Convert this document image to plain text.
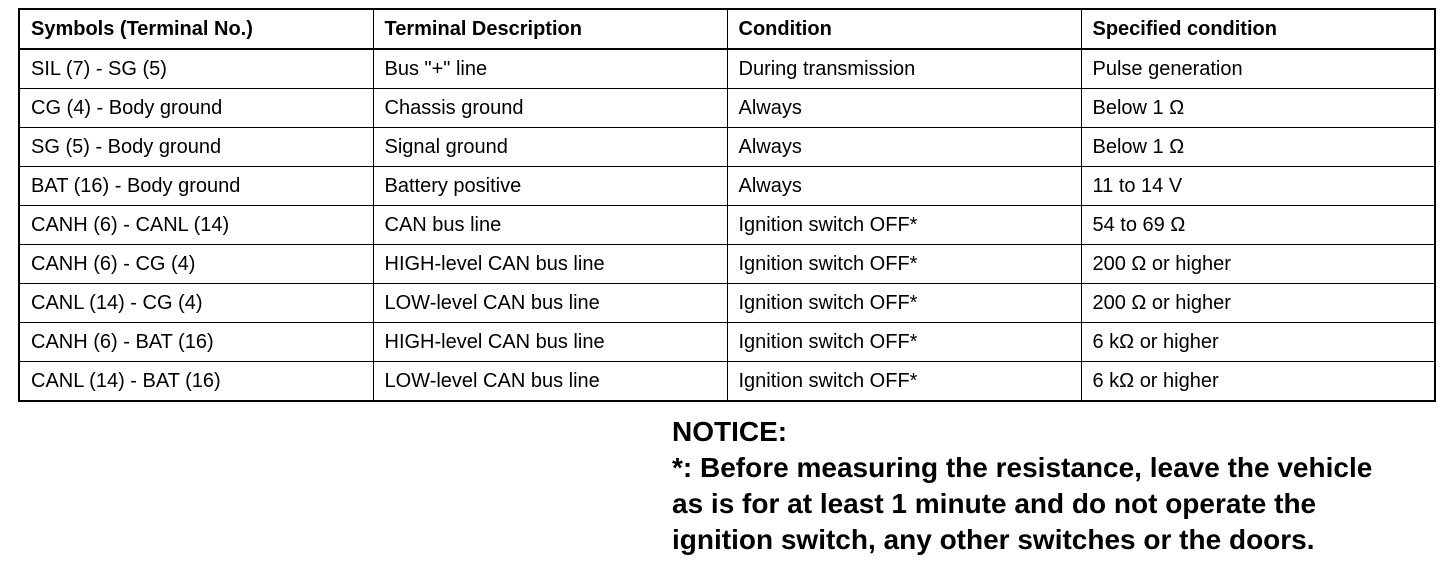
Symbols (Terminal No.)	Terminal Description	Condition	Specified condition
SIL (7) - SG (5)	Bus "+" line	During transmission	Pulse generation
CG (4) - Body ground	Chassis ground	Always	Below 1 Ω
SG (5) - Body ground	Signal ground	Always	Below 1 Ω
BAT (16) - Body ground	Battery positive	Always	11 to 14 V
CANH (6) - CANL (14)	CAN bus line	Ignition switch OFF*	54 to 69 Ω
CANH (6) - CG (4)	HIGH-level CAN bus line	Ignition switch OFF*	200 Ω or higher
CANL (14) - CG (4)	LOW-level CAN bus line	Ignition switch OFF*	200 Ω or higher
CANH (6) - BAT (16)	HIGH-level CAN bus line	Ignition switch OFF*	6 kΩ or higher
CANL (14) - BAT (16)	LOW-level CAN bus line	Ignition switch OFF*	6 kΩ or higher
NOTICE:
*: Before measuring the resistance, leave the vehicle
as is for at least 1 minute and do not operate the
ignition switch, any other switches or the doors.
